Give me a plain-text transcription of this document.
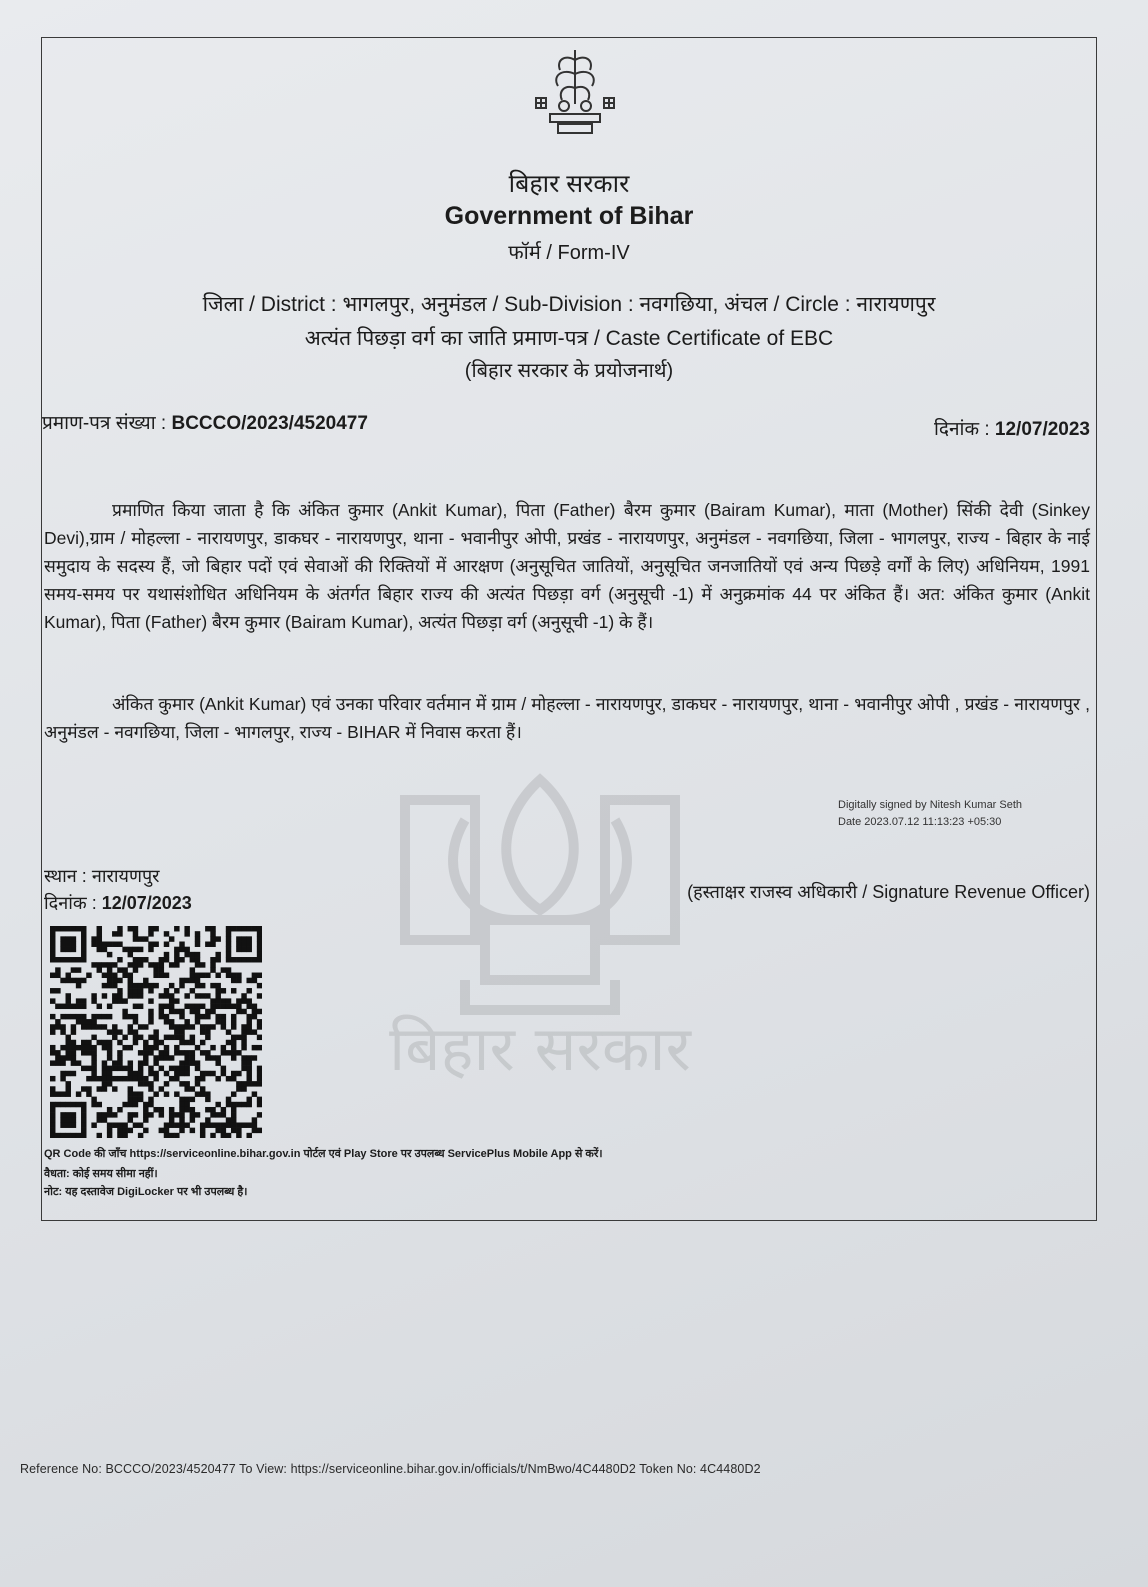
बिहार सरकार
बिहार सरकार
Government of Bihar
फॉर्म / Form-IV
जिला / District : भागलपुर, अनुमंडल / Sub-Division : नवगछिया, अंचल / Circle : नारायणपुर
अत्यंत पिछड़ा वर्ग का जाति प्रमाण-पत्र / Caste Certificate of EBC
(बिहार सरकार के प्रयोजनार्थ)
प्रमाण-पत्र संख्या : BCCCO/2023/4520477	दिनांक : 12/07/2023
प्रमाणित किया जाता है कि अंकित कुमार (Ankit Kumar), पिता (Father) बैरम कुमार (Bairam Kumar), माता (Mother) सिंकी देवी (Sinkey Devi),ग्राम / मोहल्ला - नारायणपुर, डाकघर - नारायणपुर, थाना - भवानीपुर ओपी, प्रखंड - नारायणपुर, अनुमंडल - नवगछिया, जिला - भागलपुर, राज्य - बिहार के नाई समुदाय के सदस्य हैं, जो बिहार पदों एवं सेवाओं की रिक्तियों में आरक्षण (अनुसूचित जातियों, अनुसूचित जनजातियों एवं अन्य पिछड़े वर्गों के लिए) अधिनियम, 1991 समय-समय पर यथासंशोधित अधिनियम के अंतर्गत बिहार राज्य की अत्यंत पिछड़ा वर्ग (अनुसूची -1) में अनुक्रमांक 44 पर अंकित हैं। अत: अंकित कुमार (Ankit Kumar), पिता (Father) बैरम कुमार (Bairam Kumar), अत्यंत पिछड़ा वर्ग (अनुसूची -1) के हैं।
अंकित कुमार (Ankit Kumar) एवं उनका परिवार वर्तमान में ग्राम / मोहल्ला - नारायणपुर, डाकघर - नारायणपुर, थाना - भवानीपुर ओपी , प्रखंड - नारायणपुर , अनुमंडल - नवगछिया, जिला - भागलपुर, राज्य - BIHAR में निवास करता हैं।
Digitally signed by Nitesh Kumar Seth
Date 2023.07.12 11:13:23 +05:30
स्थान : नारायणपुर
दिनांक : 12/07/2023
(हस्ताक्षर राजस्व अधिकारी / Signature Revenue Officer)
QR Code की जाँच https://serviceonline.bihar.gov.in पोर्टल एवं Play Store पर उपलब्ध ServicePlus Mobile App से करें।
वैधता: कोई समय सीमा नहीं।
नोट: यह दस्तावेज DigiLocker पर भी उपलब्ध है।
Reference No: BCCCO/2023/4520477 To View: https://serviceonline.bihar.gov.in/officials/t/NmBwo/4C4480D2 Token No: 4C4480D2
